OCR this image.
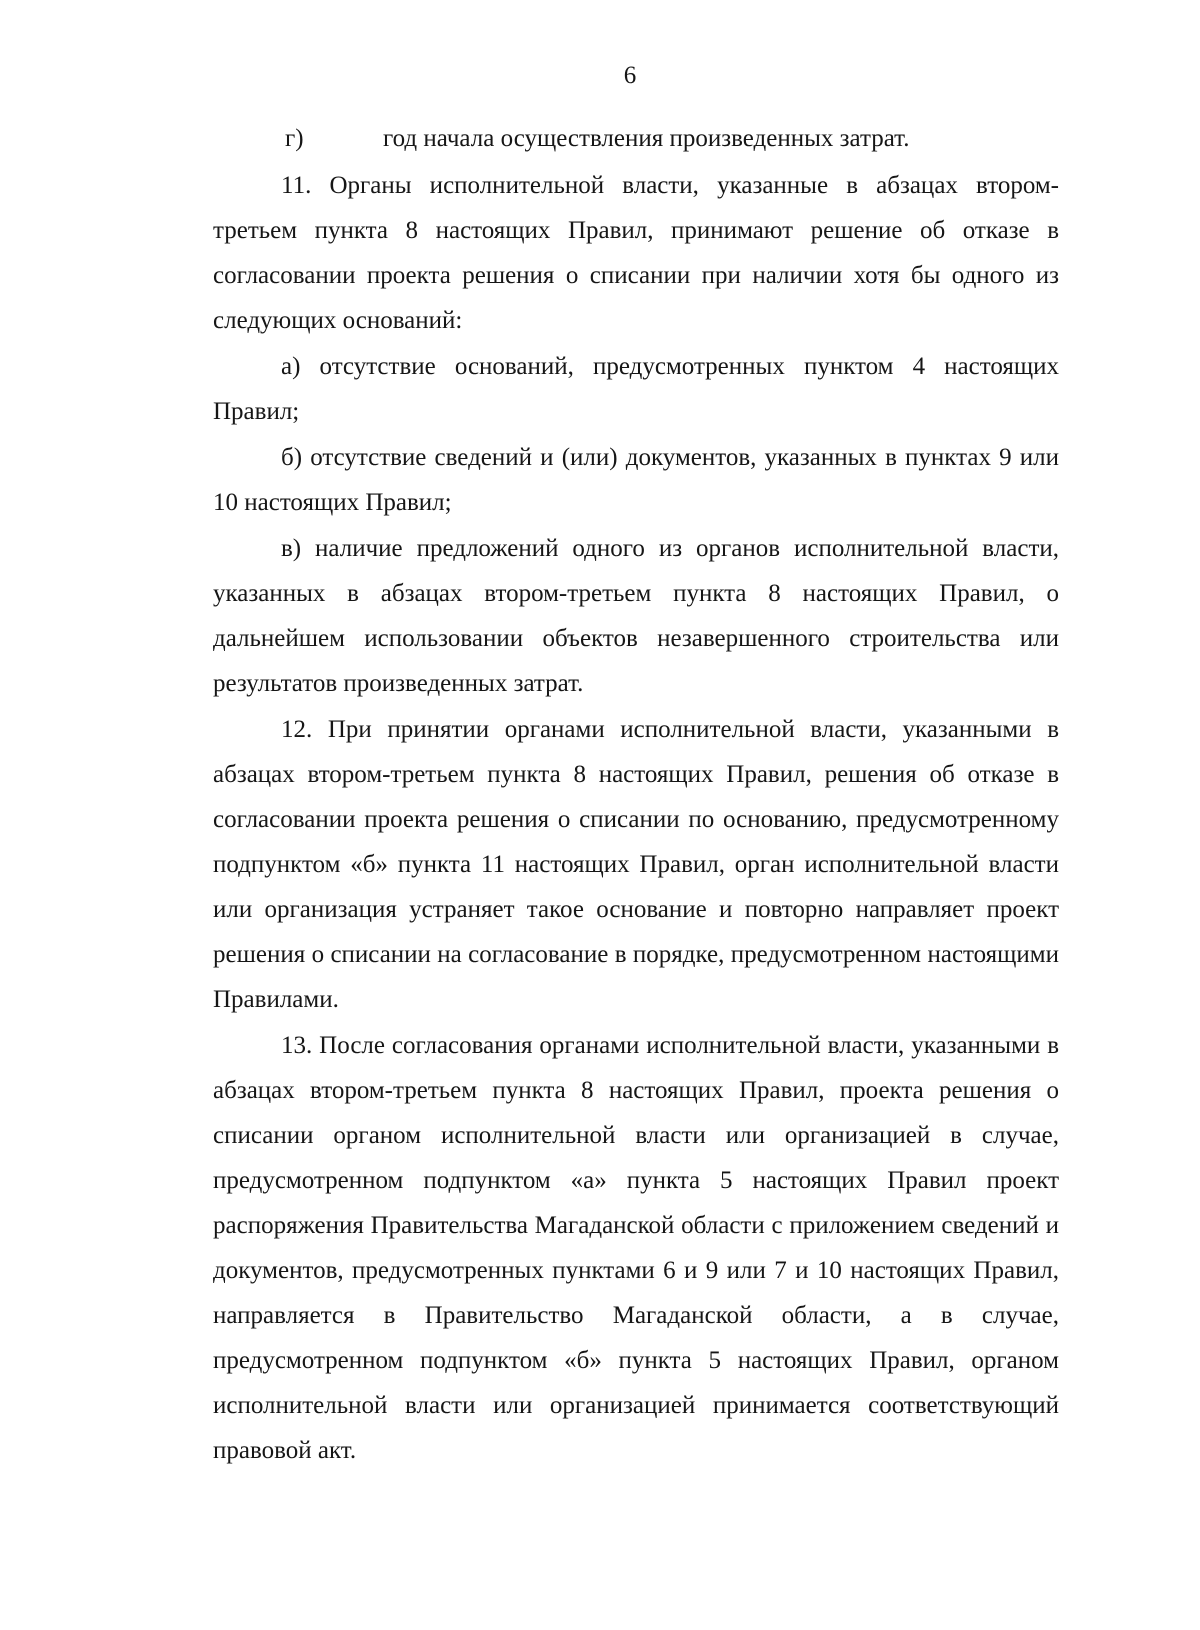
6

г)	год начала осуществления произведенных затрат.

11. Органы исполнительной власти, указанные в абзацах втором-третьем пункта 8 настоящих Правил, принимают решение об отказе в согласовании проекта решения о списании при наличии хотя бы одного из следующих оснований:

а) отсутствие оснований, предусмотренных пунктом 4 настоящих Правил;

б) отсутствие сведений и (или) документов, указанных в пунктах 9 или 10 настоящих Правил;

в) наличие предложений одного из органов исполнительной власти, указанных в абзацах втором-третьем пункта 8 настоящих Правил, о дальнейшем использовании объектов незавершенного строительства или результатов произведенных затрат.

12. При принятии органами исполнительной власти, указанными в абзацах втором-третьем пункта 8 настоящих Правил, решения об отказе в согласовании проекта решения о списании по основанию, предусмотренному подпунктом «б» пункта 11 настоящих Правил, орган исполнительной власти или организация устраняет такое основание и повторно направляет проект решения о списании на согласование в порядке, предусмотренном настоящими Правилами.

13. После согласования органами исполнительной власти, указанными в абзацах втором-третьем пункта 8 настоящих Правил, проекта решения о списании органом исполнительной власти или организацией в случае, предусмотренном подпунктом «а» пункта 5 настоящих Правил проект распоряжения Правительства Магаданской области с приложением сведений и документов, предусмотренных пунктами 6 и 9 или 7 и 10 настоящих Правил, направляется в Правительство Магаданской области, а в случае, предусмотренном подпунктом «б» пункта 5 настоящих Правил, органом исполнительной власти или организацией принимается соответствующий правовой акт.
